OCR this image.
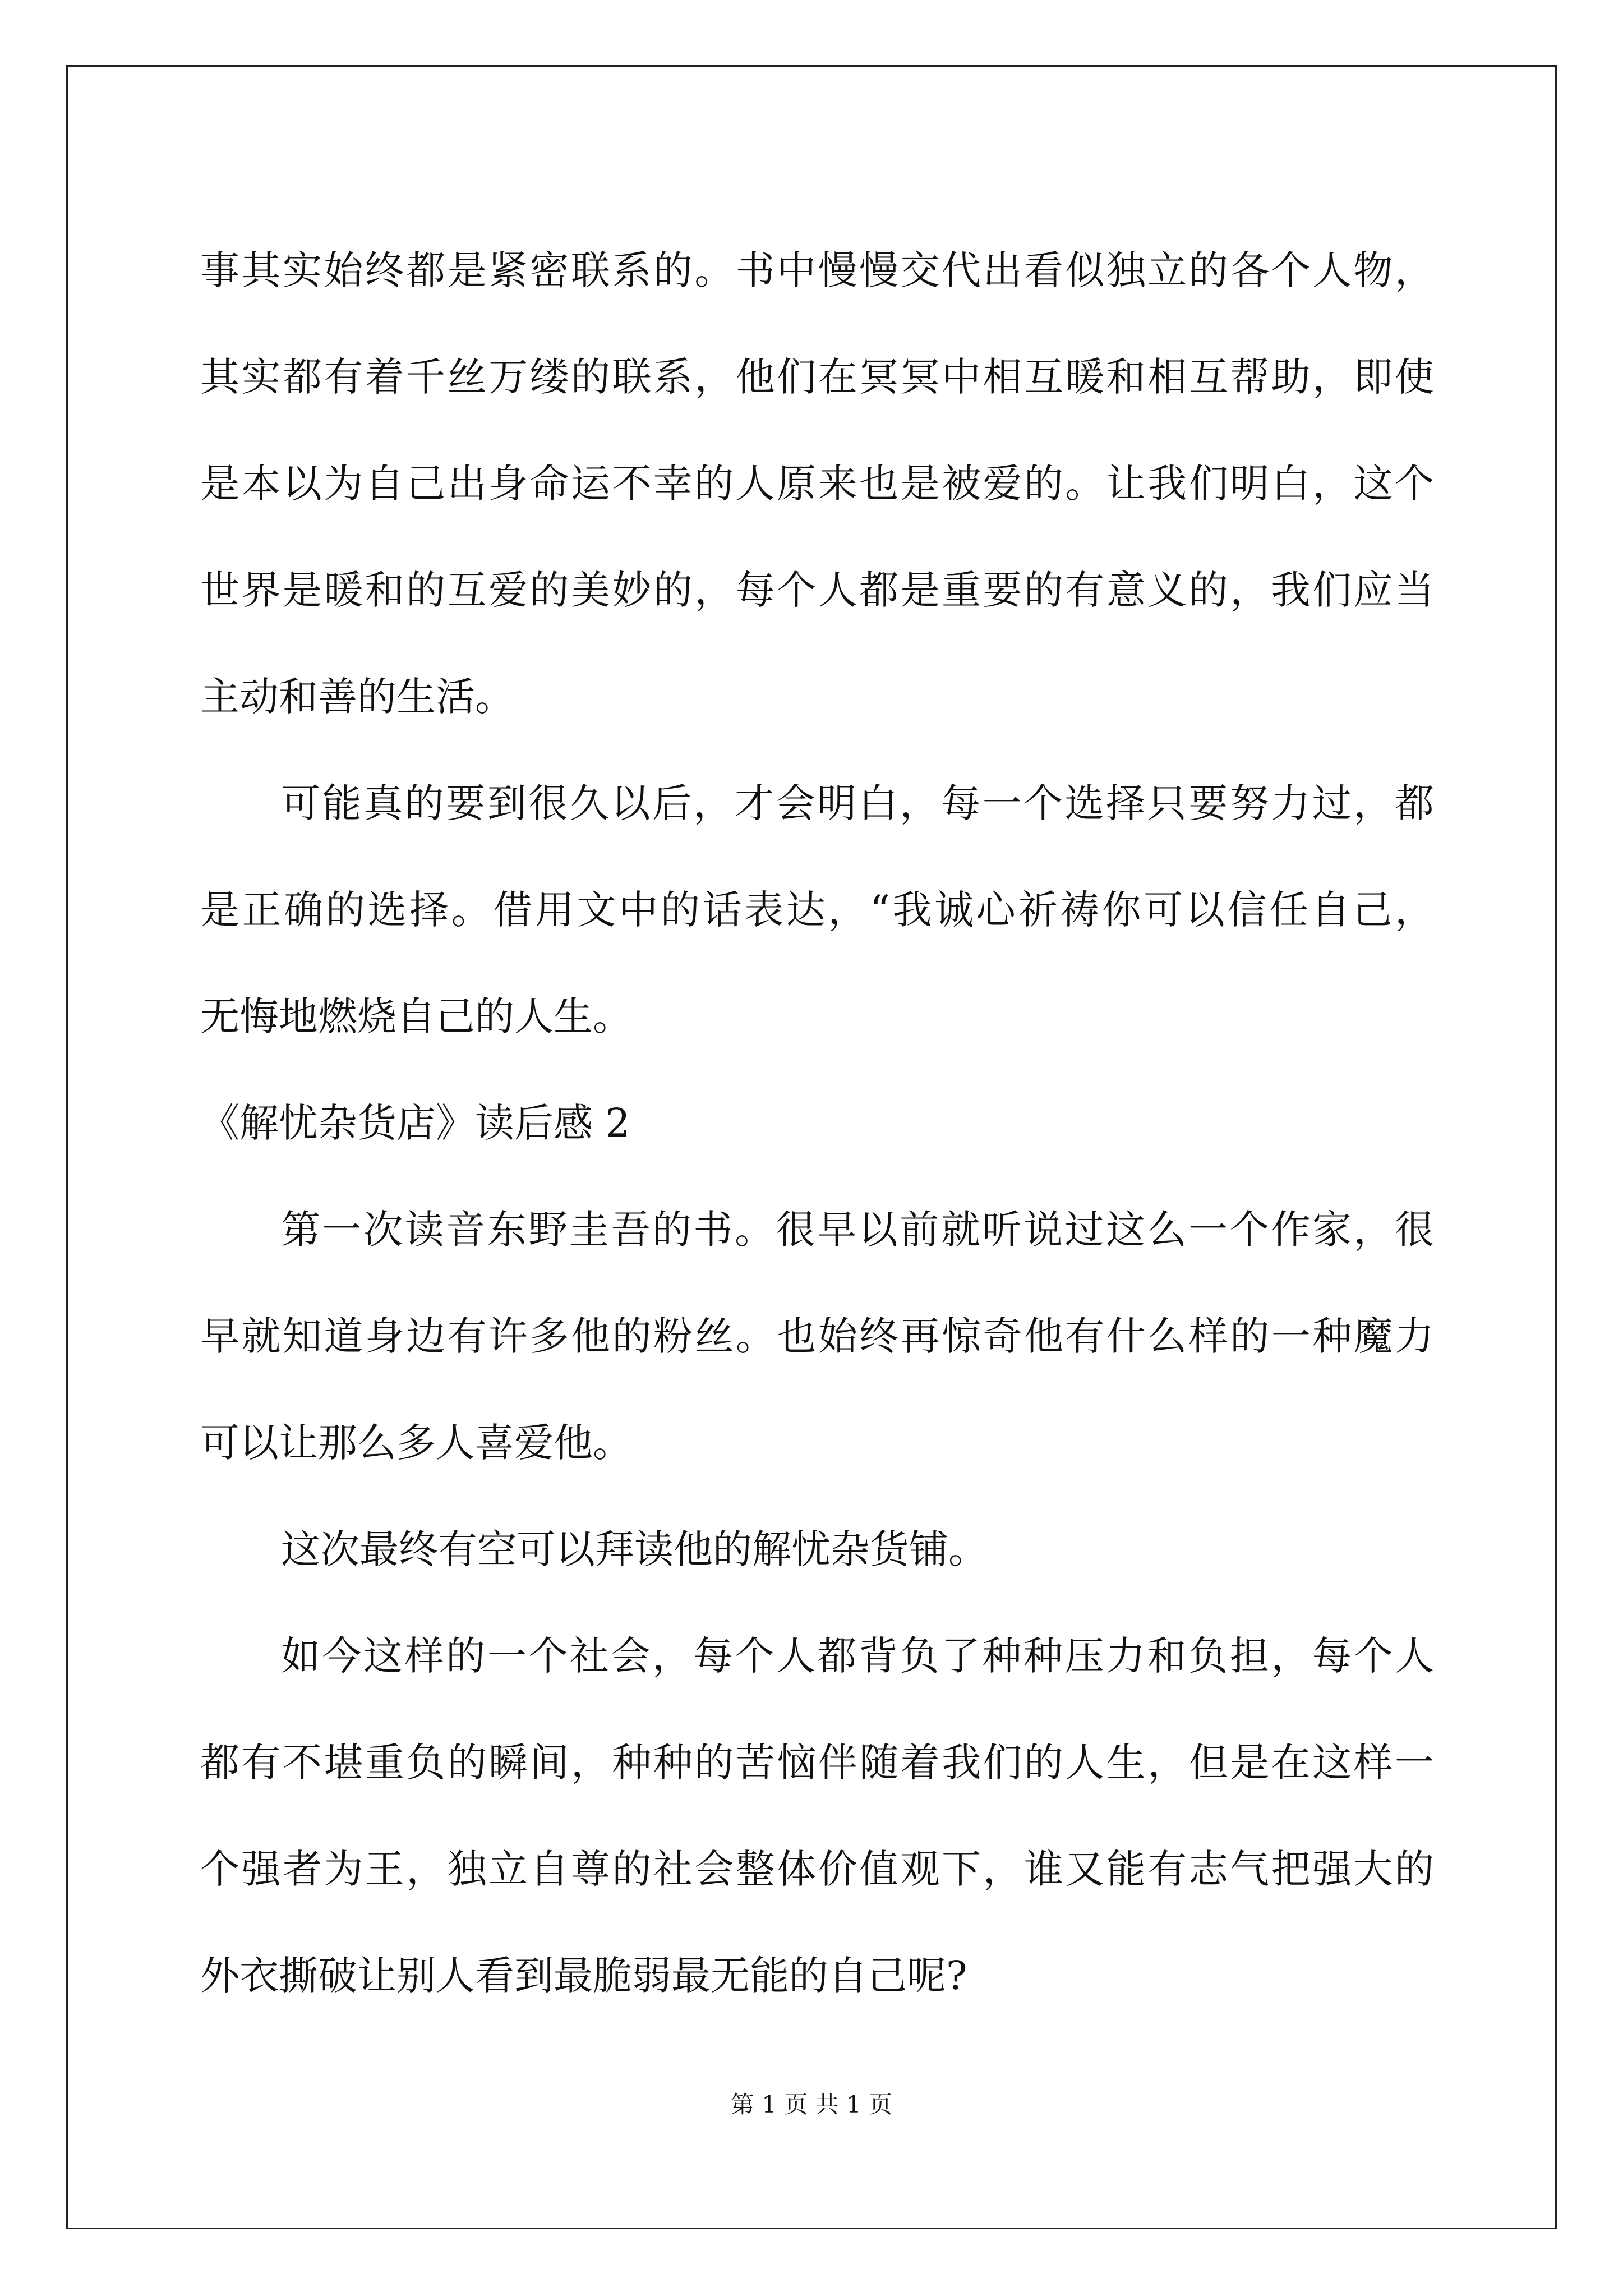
事其实始终都是紧密联系的。书中慢慢交代出看似独立的各个人物，
其实都有着千丝万缕的联系，他们在冥冥中相互暖和相互帮助，即使
是本以为自己出身命运不幸的人原来也是被爱的。让我们明白，这个
世界是暖和的互爱的美妙的，每个人都是重要的有意义的，我们应当
主动和善的生活。
可能真的要到很久以后，才会明白，每一个选择只要努力过，都
是正确的选择。借用文中的话表达，“我诚心祈祷你可以信任自己，
无悔地燃烧自己的人生。
《解忧杂货店》读后感 2
第一次读音东野圭吾的书。很早以前就听说过这么一个作家，很
早就知道身边有许多他的粉丝。也始终再惊奇他有什么样的一种魔力
可以让那么多人喜爱他。
这次最终有空可以拜读他的解忧杂货铺。
如今这样的一个社会，每个人都背负了种种压力和负担，每个人
都有不堪重负的瞬间，种种的苦恼伴随着我们的人生，但是在这样一
个强者为王，独立自尊的社会整体价值观下，谁又能有志气把强大的
外衣撕破让别人看到最脆弱最无能的自己呢?
第 1 页 共 1 页
